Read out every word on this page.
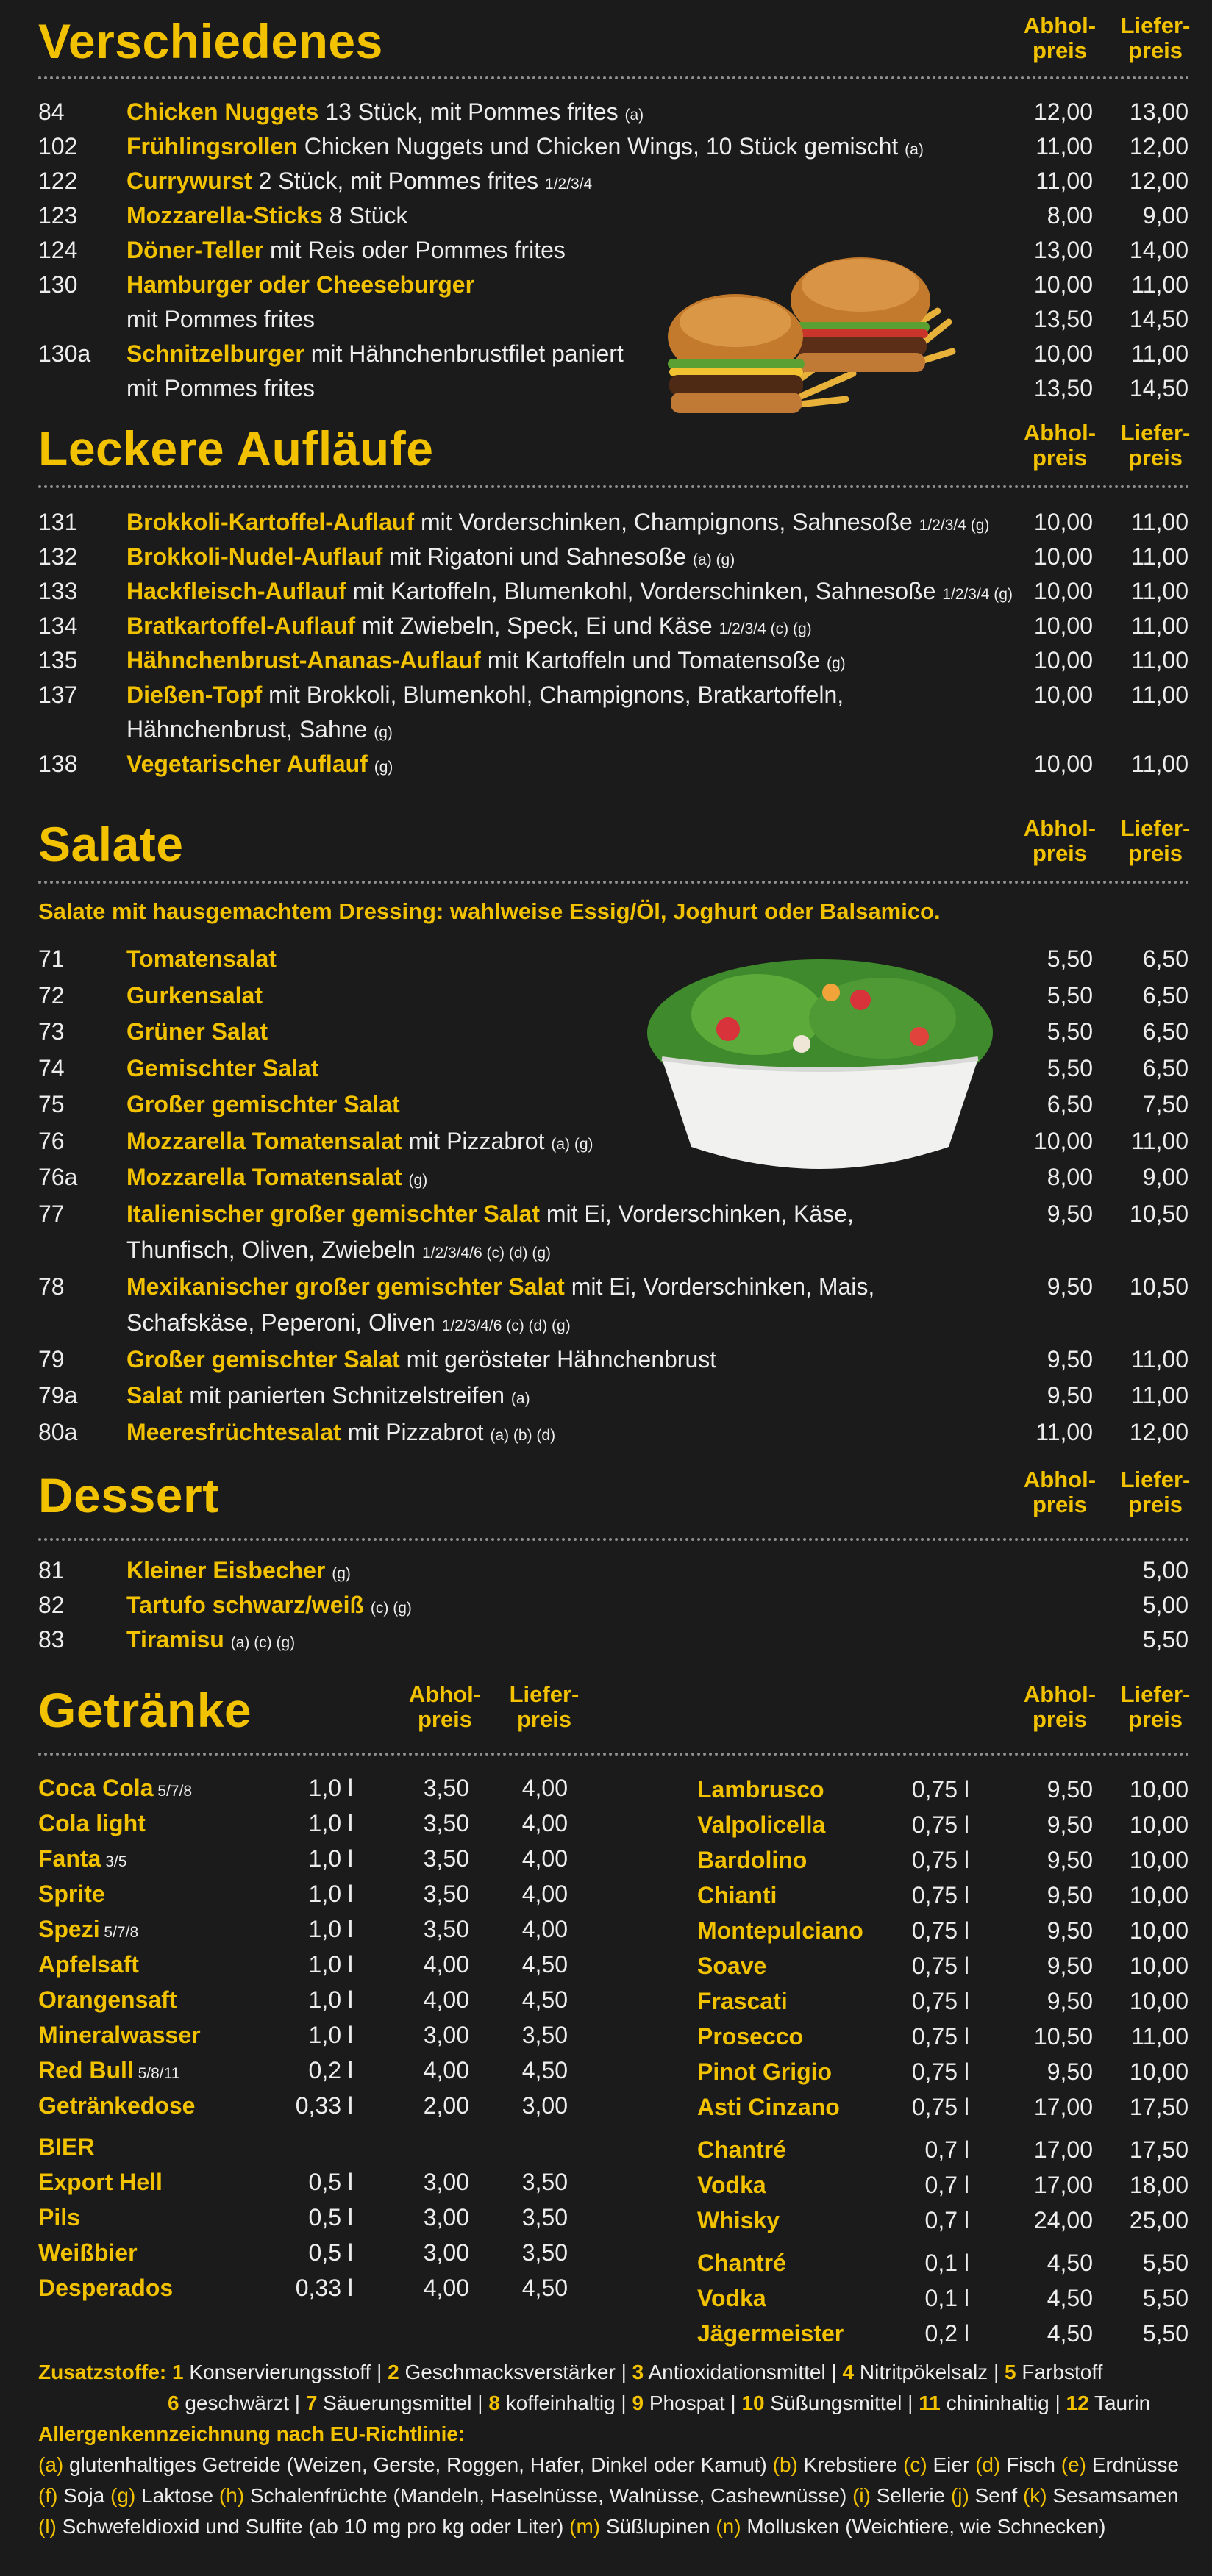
Verschiedenes	Abhol-
preis
Liefer-
preis
84	Chicken Nuggets 13 Stück, mit Pommes frites (a)	12,00	13,00
102 Frühlingsrollen Chicken Nuggets und Chicken Wings, 10 Stück gemischt (a)	11,00	12,00
122 Currywurst 2 Stück, mit Pommes frites 1/2/3/4	11,00	12,00
123 Mozzarella-Sticks 8 Stück	8,00	9,00
124 Döner-Teller mit Reis oder Pommes frites	13,00	14,00
130 Hamburger oder Cheeseburger	10,00	11,00
mit Pommes frites	13,50	14,50
130a Schnitzelburger mit Hähnchenbrustfilet paniert	10,00	11,00
mit Pommes frites	13,50	14,50
Leckere Aufläufe	Abhol-
preis
Liefer-
preis
131 Brokkoli-Kartoffel-Auflauf mit Vorderschinken, Champignons, Sahnesoße 1/2/3/4 (g)	10,00	11,00
132 Brokkoli-Nudel-Auflauf mit Rigatoni und Sahnesoße (a) (g)	10,00	11,00
133 Hackfleisch-Auflauf mit Kartoffeln, Blumenkohl, Vorderschinken, Sahnesoße 1/2/3/4 (g) 10,00	11,00
134 Bratkartoffel-Auflauf mit Zwiebeln, Speck, Ei und Käse 1/2/3/4 (c) (g)	10,00	11,00
135 Hähnchenbrust-Ananas-Auflauf mit Kartoffeln und Tomatensoße (g)	10,00	11,00
137 Dießen-Topf mit Brokkoli, Blumenkohl, Champignons, Bratkartoffeln,	10,00	11,00
Hähnchenbrust, Sahne (g)
138 Vegetarischer Auflauf (g)	10,00	11,00
Salate	Abhol-
preis
Liefer-
preis
Salate mit hausgemachtem Dressing: wahlweise Essig/Öl, Joghurt oder Balsamico.
71	Tomatensalat	5,50	6,50
72	Gurkensalat	5,50	6,50
73	Grüner Salat	5,50	6,50
74	Gemischter Salat	5,50	6,50
75	Großer gemischter Salat	6,50	7,50
76	Mozzarella Tomatensalat mit Pizzabrot (a) (g)	10,00	11,00
76a Mozzarella Tomatensalat (g)	8,00	9,00
77	Italienischer großer gemischter Salat mit Ei, Vorderschinken, Käse,	9,50	10,50
Thunfisch, Oliven, Zwiebeln 1/2/3/4/6 (c) (d) (g)
78	Mexikanischer großer gemischter Salat mit Ei, Vorderschinken, Mais,	9,50	10,50
Schafskäse, Peperoni, Oliven 1/2/3/4/6 (c) (d) (g)
79	Großer gemischter Salat mit gerösteter Hähnchenbrust	9,50	11,00
79a Salat mit panierten Schnitzelstreifen (a)	9,50	11,00
80a Meeresfrüchtesalat mit Pizzabrot (a) (b) (d)	11,00	12,00
Dessert	Abhol-
preis
Liefer-
preis
81	Kleiner Eisbecher (g)	5,00
82	Tartufo schwarz/weiß (c) (g)	5,00
83	Tiramisu (a) (c) (g)	5,50
Getränke	Abhol-
preis
Liefer-
preis
Abhol-
preis
Liefer-
preis
Coca Cola 5/7/8	1,0 l	3,50	4,00
Cola light	1,0 l	3,50	4,00
Fanta 3/5	1,0 l	3,50	4,00
Sprite	1,0 l	3,50	4,00
Spezi 5/7/8	1,0 l	3,50	4,00
Apfelsaft	1,0 l	4,00	4,50
Orangensaft	1,0 l	4,00	4,50
Mineralwasser	1,0 l	3,00	3,50
Red Bull 5/8/11	0,2 l	4,00	4,50
Getränkedose	0,33 l	2,00	3,00
BIER
Export Hell	0,5 l	3,00	3,50
Pils	0,5 l	3,00	3,50
Weißbier	0,5 l	3,00	3,50
Desperados	0,33 l	4,00	4,50
Lambrusco	0,75 l	9,50	10,00
Valpolicella	0,75 l	9,50	10,00
Bardolino	0,75 l	9,50	10,00
Chianti	0,75 l	9,50	10,00
Montepulciano	0,75 l	9,50	10,00
Soave	0,75 l	9,50	10,00
Frascati	0,75 l	9,50	10,00
Prosecco	0,75 l	10,50	11,00
Pinot Grigio	0,75 l	9,50	10,00
Asti Cinzano	0,75 l	17,00	17,50
Chantré	0,7 l	17,00	17,50
Vodka	0,7 l	17,00	18,00
Whisky	0,7 l	24,00	25,00
Chantré	0,1 l	4,50	5,50
Vodka	0,1 l	4,50	5,50
Jägermeister	0,2 l	4,50	5,50
Zusatzstoffe: 1 Konservierungsstoff | 2 Geschmacksverstärker | 3 Antioxidationsmittel | 4 Nitritpökelsalz | 5 Farbstoff
6 geschwärzt | 7 Säuerungsmittel | 8 koffeinhaltig | 9 Phospat | 10 Süßungsmittel | 11 chininhaltig | 12 Taurin
Allergenkennzeichnung nach EU-Richtlinie:
(a) glutenhaltiges Getreide (Weizen, Gerste, Roggen, Hafer, Dinkel oder Kamut) (b) Krebstiere (c) Eier (d) Fisch (e) Erdnüsse
(f) Soja (g) Laktose (h) Schalenfrüchte (Mandeln, Haselnüsse, Walnüsse, Cashewnüsse) (i) Sellerie (j) Senf (k) Sesamsamen
(l) Schwefeldioxid und Sulfite (ab 10 mg pro kg oder Liter) (m) Süßlupinen (n) Mollusken (Weichtiere, wie Schnecken)
